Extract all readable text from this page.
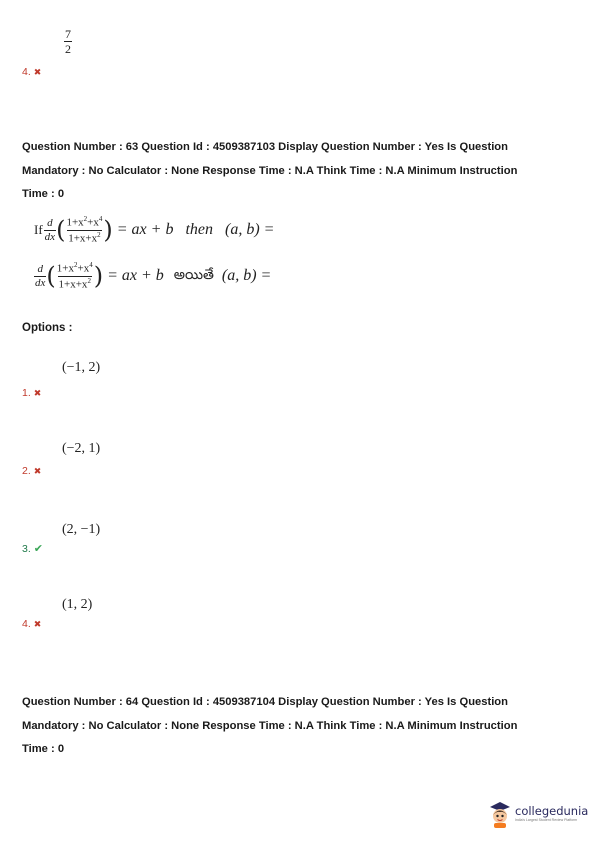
$\frac{7}{2}$
4. ✖
Question Number : 63 Question Id : 4509387103 Display Question Number : Yes Is Question
Mandatory : No Calculator : None Response Time : N.A Think Time : N.A Minimum Instruction
Time : 0
If $\frac{d}{dx}$ ( $\frac{1+x^2+x^4}{1+x+x^2}$ ) = ax + b then (a, b) =
$\frac{d}{dx}$ ( $\frac{1+x^2+x^4}{1+x+x^2}$ ) = ax + b అయితే (a, b) =
Options :
(−1, 2)
1. ✖
(−2, 1)
2. ✖
(2, −1)
3. ✔
(1, 2)
4. ✖
Question Number : 64 Question Id : 4509387104 Display Question Number : Yes Is Question
Mandatory : No Calculator : None Response Time : N.A Think Time : N.A Minimum Instruction
Time : 0
collegedunia
India's Largest Student Review Platform
